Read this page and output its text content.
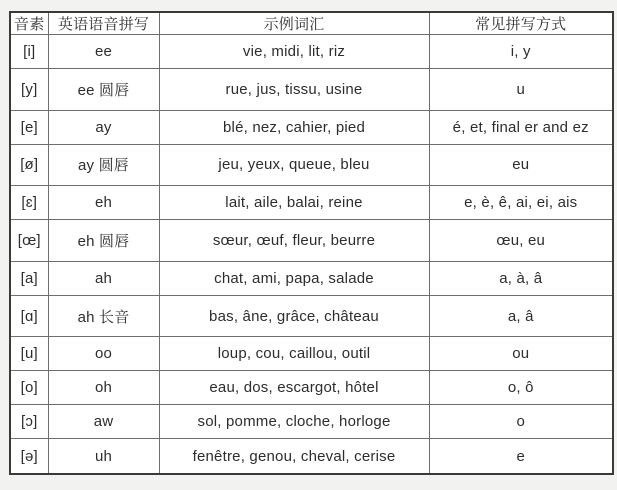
音素	英语语音拼写	示例词汇	常见拼写方式
[i]	ee	vie, midi, lit, riz	i, y
[y]	ee 圆唇	rue, jus, tissu, usine	u
[e]	ay	blé, nez, cahier, pied	é, et, final er and ez
[ø]	ay 圆唇	jeu, yeux, queue, bleu	eu
[ɛ]	eh	lait, aile, balai, reine	e, è, ê, ai, ei, ais
[œ]	eh 圆唇	sœur, œuf, fleur, beurre	œu, eu
[a]	ah	chat, ami, papa, salade	a, à, â
[ɑ]	ah 长音	bas, âne, grâce, château	a, â
[u]	oo	loup, cou, caillou, outil	ou
[o]	oh	eau, dos, escargot, hôtel	o, ô
[ɔ]	aw	sol, pomme, cloche, horloge	o
[ə]	uh	fenêtre, genou, cheval, cerise	e
